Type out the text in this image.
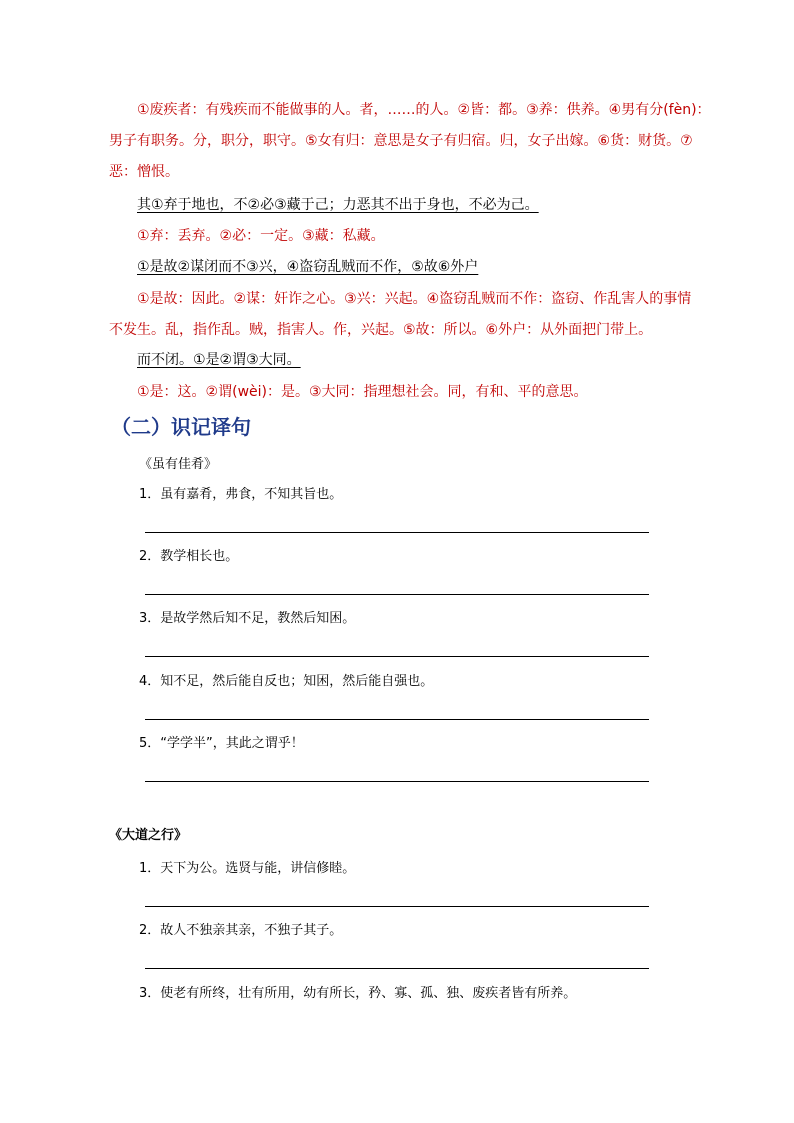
①废疾者：有残疾而不能做事的人。者，……的人。②皆：都。③养：供养。④男有分(fèn)：
男子有职务。分，职分，职守。⑤女有归：意思是女子有归宿。归，女子出嫁。⑥货：财货。⑦
恶：憎恨。
其①弃于地也，不②必③藏于己；力恶其不出于身也，不必为己。
①弃：丢弃。②必：一定。③藏：私藏。
①是故②谋闭而不③兴，④盗窃乱贼而不作，⑤故⑥外户
①是故：因此。②谋：奸诈之心。③兴：兴起。④盗窃乱贼而不作：盗窃、作乱害人的事情
不发生。乱，指作乱。贼，指害人。作，兴起。⑤故：所以。⑥外户：从外面把门带上。
而不闭。①是②谓③大同。
①是：这。②谓(wèi)：是。③大同：指理想社会。同，有和、平的意思。
（二）识记译句
《虽有佳肴》
1．虽有嘉肴，弗食，不知其旨也。
2．教学相长也。
3．是故学然后知不足，教然后知困。
4．知不足，然后能自反也；知困，然后能自强也。
5．“学学半”，其此之谓乎！
《大道之行》
1．天下为公。选贤与能，讲信修睦。
2．故人不独亲其亲，不独子其子。
3．使老有所终，壮有所用，幼有所长，矜、寡、孤、独、废疾者皆有所养。
